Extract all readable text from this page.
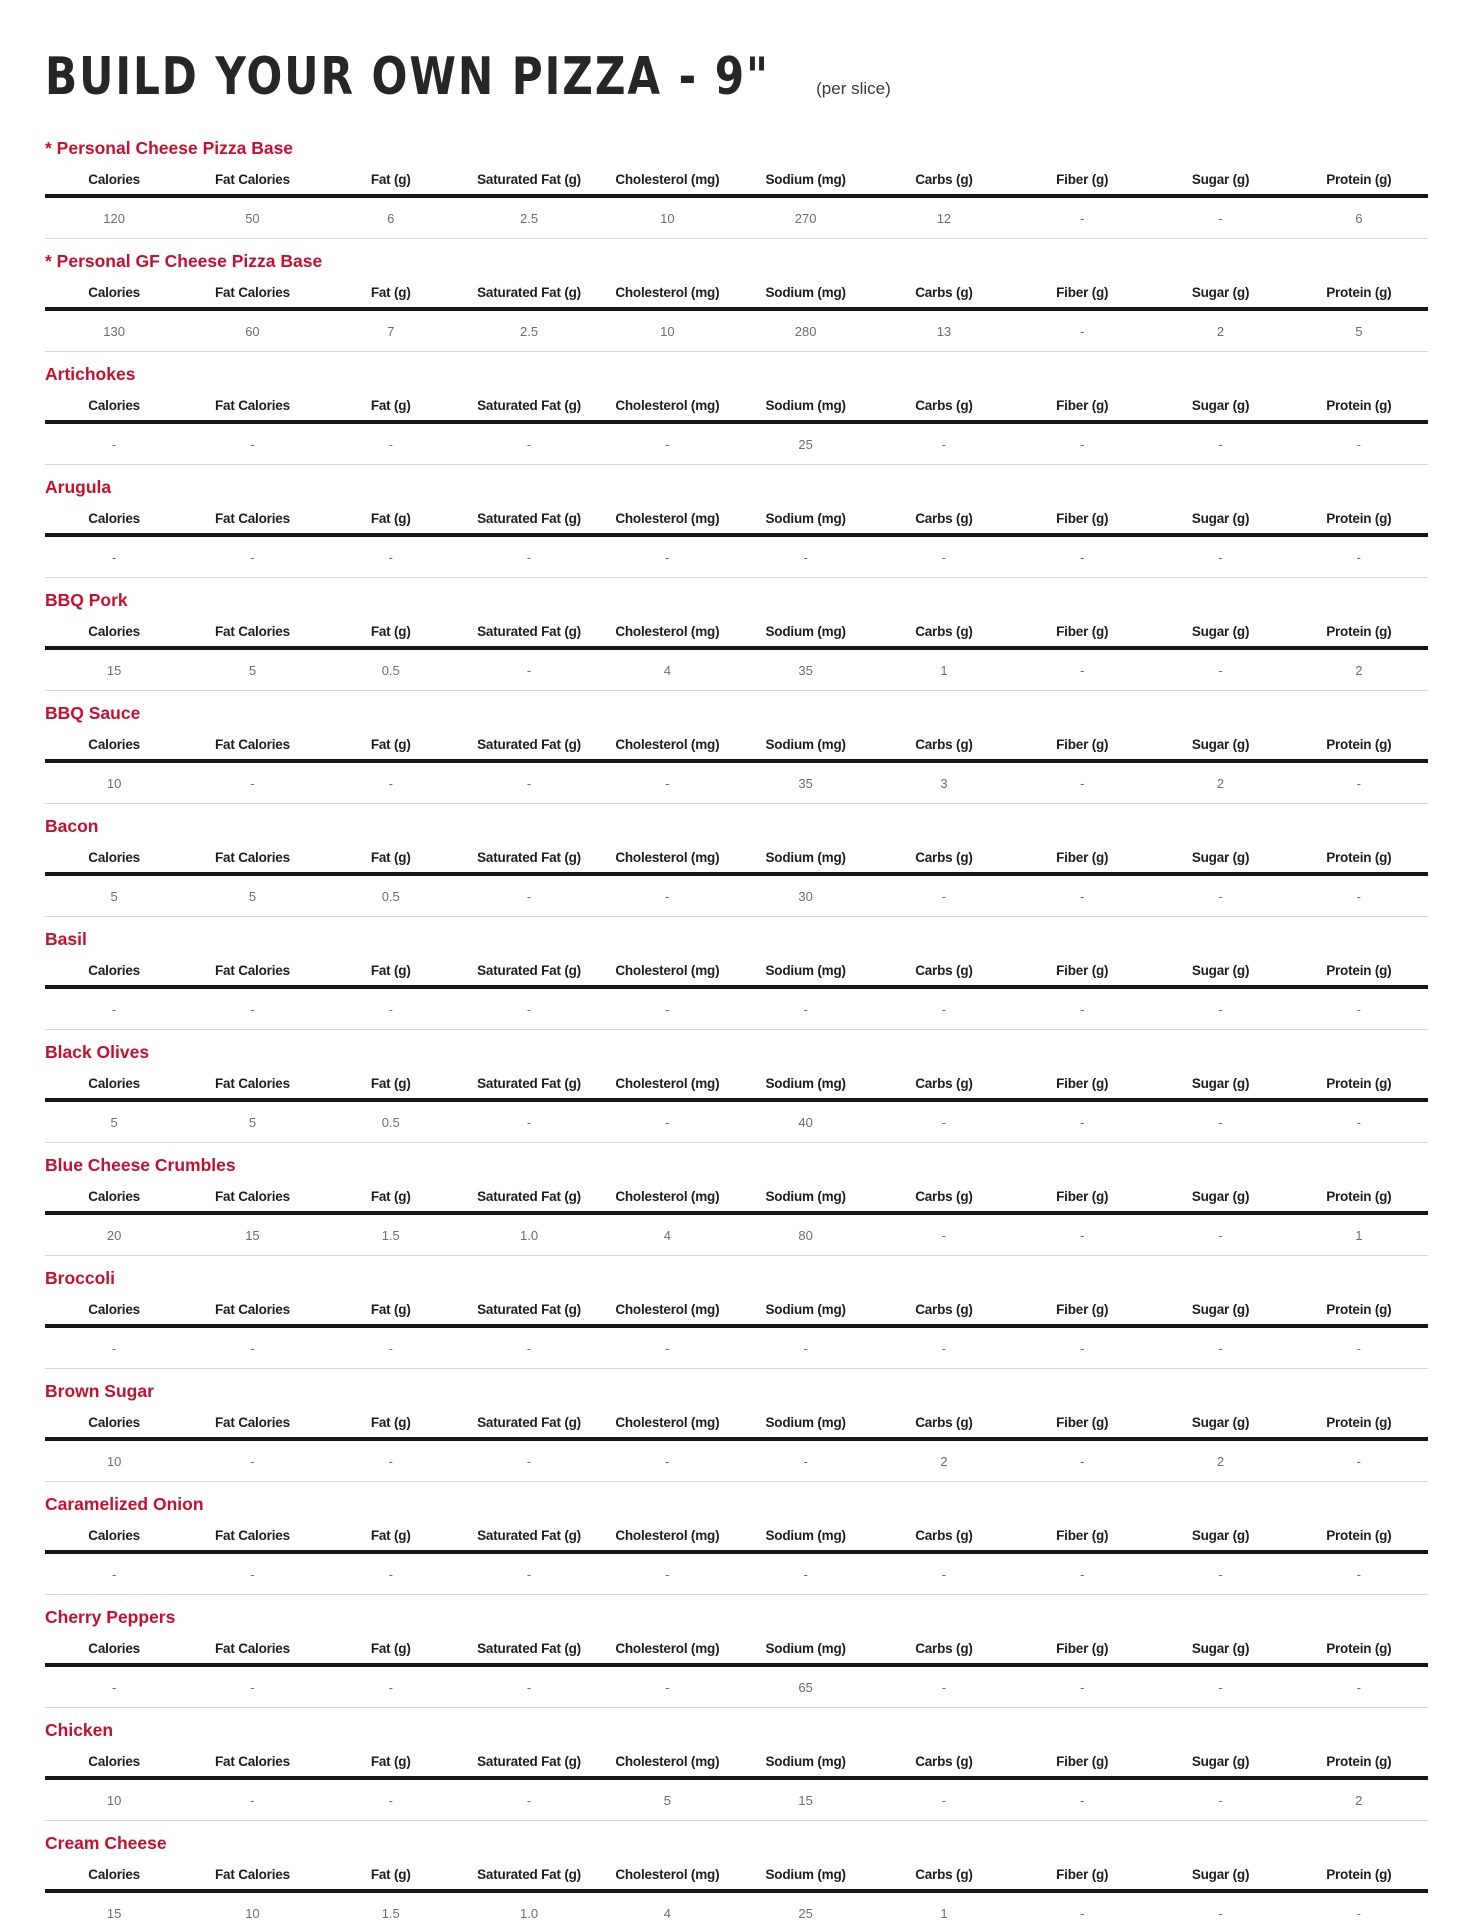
BUILD YOUR OWN PIZZA - 9"	(per slice)
* Personal Cheese Pizza Base
Calories	Fat Calories	Fat (g)	Saturated Fat (g)	Cholesterol (mg)	Sodium (mg)	Carbs (g)	Fiber (g)	Sugar (g)	Protein (g)
120	50	6	2.5	10	270	12	-	-	6
* Personal GF Cheese Pizza Base
Calories	Fat Calories	Fat (g)	Saturated Fat (g)	Cholesterol (mg)	Sodium (mg)	Carbs (g)	Fiber (g)	Sugar (g)	Protein (g)
130	60	7	2.5	10	280	13	-	2	5
Artichokes
Calories	Fat Calories	Fat (g)	Saturated Fat (g)	Cholesterol (mg)	Sodium (mg)	Carbs (g)	Fiber (g)	Sugar (g)	Protein (g)
-	-	-	-	-	25	-	-	-	-
Arugula
Calories	Fat Calories	Fat (g)	Saturated Fat (g)	Cholesterol (mg)	Sodium (mg)	Carbs (g)	Fiber (g)	Sugar (g)	Protein (g)
-	-	-	-	-	-	-	-	-	-
BBQ Pork
Calories	Fat Calories	Fat (g)	Saturated Fat (g)	Cholesterol (mg)	Sodium (mg)	Carbs (g)	Fiber (g)	Sugar (g)	Protein (g)
15	5	0.5	-	4	35	1	-	-	2
BBQ Sauce
Calories	Fat Calories	Fat (g)	Saturated Fat (g)	Cholesterol (mg)	Sodium (mg)	Carbs (g)	Fiber (g)	Sugar (g)	Protein (g)
10	-	-	-	-	35	3	-	2	-
Bacon
Calories	Fat Calories	Fat (g)	Saturated Fat (g)	Cholesterol (mg)	Sodium (mg)	Carbs (g)	Fiber (g)	Sugar (g)	Protein (g)
5	5	0.5	-	-	30	-	-	-	-
Basil
Calories	Fat Calories	Fat (g)	Saturated Fat (g)	Cholesterol (mg)	Sodium (mg)	Carbs (g)	Fiber (g)	Sugar (g)	Protein (g)
-	-	-	-	-	-	-	-	-	-
Black Olives
Calories	Fat Calories	Fat (g)	Saturated Fat (g)	Cholesterol (mg)	Sodium (mg)	Carbs (g)	Fiber (g)	Sugar (g)	Protein (g)
5	5	0.5	-	-	40	-	-	-	-
Blue Cheese Crumbles
Calories	Fat Calories	Fat (g)	Saturated Fat (g)	Cholesterol (mg)	Sodium (mg)	Carbs (g)	Fiber (g)	Sugar (g)	Protein (g)
20	15	1.5	1.0	4	80	-	-	-	1
Broccoli
Calories	Fat Calories	Fat (g)	Saturated Fat (g)	Cholesterol (mg)	Sodium (mg)	Carbs (g)	Fiber (g)	Sugar (g)	Protein (g)
-	-	-	-	-	-	-	-	-	-
Brown Sugar
Calories	Fat Calories	Fat (g)	Saturated Fat (g)	Cholesterol (mg)	Sodium (mg)	Carbs (g)	Fiber (g)	Sugar (g)	Protein (g)
10	-	-	-	-	-	2	-	2	-
Caramelized Onion
Calories	Fat Calories	Fat (g)	Saturated Fat (g)	Cholesterol (mg)	Sodium (mg)	Carbs (g)	Fiber (g)	Sugar (g)	Protein (g)
-	-	-	-	-	-	-	-	-	-
Cherry Peppers
Calories	Fat Calories	Fat (g)	Saturated Fat (g)	Cholesterol (mg)	Sodium (mg)	Carbs (g)	Fiber (g)	Sugar (g)	Protein (g)
-	-	-	-	-	65	-	-	-	-
Chicken
Calories	Fat Calories	Fat (g)	Saturated Fat (g)	Cholesterol (mg)	Sodium (mg)	Carbs (g)	Fiber (g)	Sugar (g)	Protein (g)
10	-	-	-	5	15	-	-	-	2
Cream Cheese
Calories	Fat Calories	Fat (g)	Saturated Fat (g)	Cholesterol (mg)	Sodium (mg)	Carbs (g)	Fiber (g)	Sugar (g)	Protein (g)
15	10	1.5	1.0	4	25	1	-	-	-
